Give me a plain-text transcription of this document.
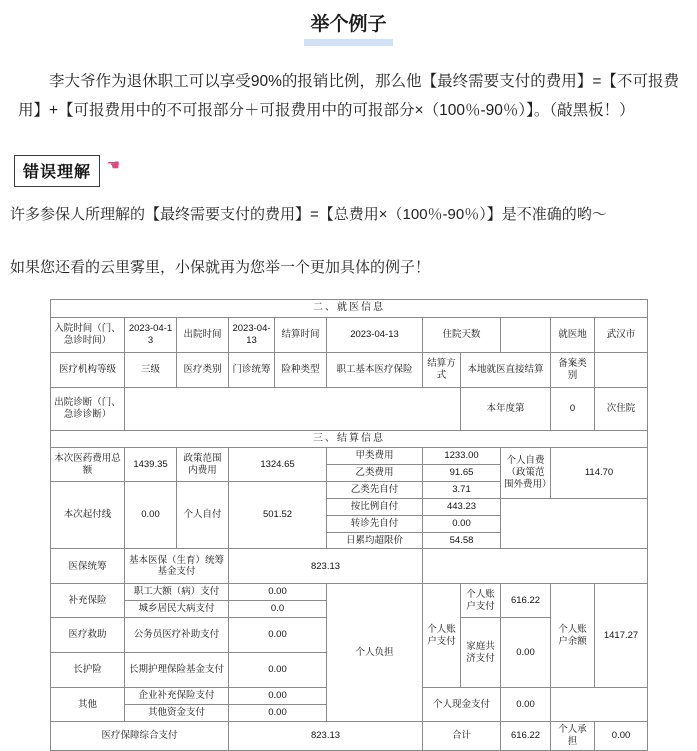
举个例子

李大爷作为退休职工可以享受90%的报销比例，那么他【最终需要支付的费用】=【不可报费用】+【可报费用中的不可报部分＋可报费用中的可报部分×（100％-90％）】。（敲黑板！）

错误理解 ☚
许多参保人所理解的【最终需要支付的费用】=【总费用×（100％-90％）】是不准确的哟～
如果您还看的云里雾里，小保就再为您举一个更加具体的例子！
二、就医信息										
入院时间（门、急诊时间）	2023-04-13	出院时间	2023-04-13	结算时间	2023-04-13	住院天数			就医地	武汉市
医疗机构等级	三级	医疗类别	门诊统筹	险种类型	职工基本医疗保险	结算方式	本地就医直接结算		备案类别	
出院诊断（门、急诊诊断）							本年度第		0	次住院
三、结算信息										
本次医药费用总额	1439.35	政策范围内费用	1324.65		甲类费用	1233.00		个人自费（政策范围外费用）	114.70	
					乙类费用	91.65				
本次起付线	0.00	个人自付	501.52		乙类先自付	3.71				
					按比例自付	443.23				
					转诊先自付	0.00				
					日累均超限价	54.58				
医保统筹	基本医保（生育）统筹基金支付		823.13							
补充保险	职工大额（病）支付		0.00		个人负担	个人账户支付	个人账户支付	616.22	个人账户余额	1417.27
	城乡居民大病支付		0.0							
医疗救助	公务员医疗补助支付		0.00				家庭共济支付	0.00		
长护险	长期护理保险基金支付		0.00							
其他	企业补充保险支付		0.00			个人现金支付		0.00		
	其他资金支付		0.00							
医疗保障综合支付			823.13			合计		616.22	个人承担	0.00
